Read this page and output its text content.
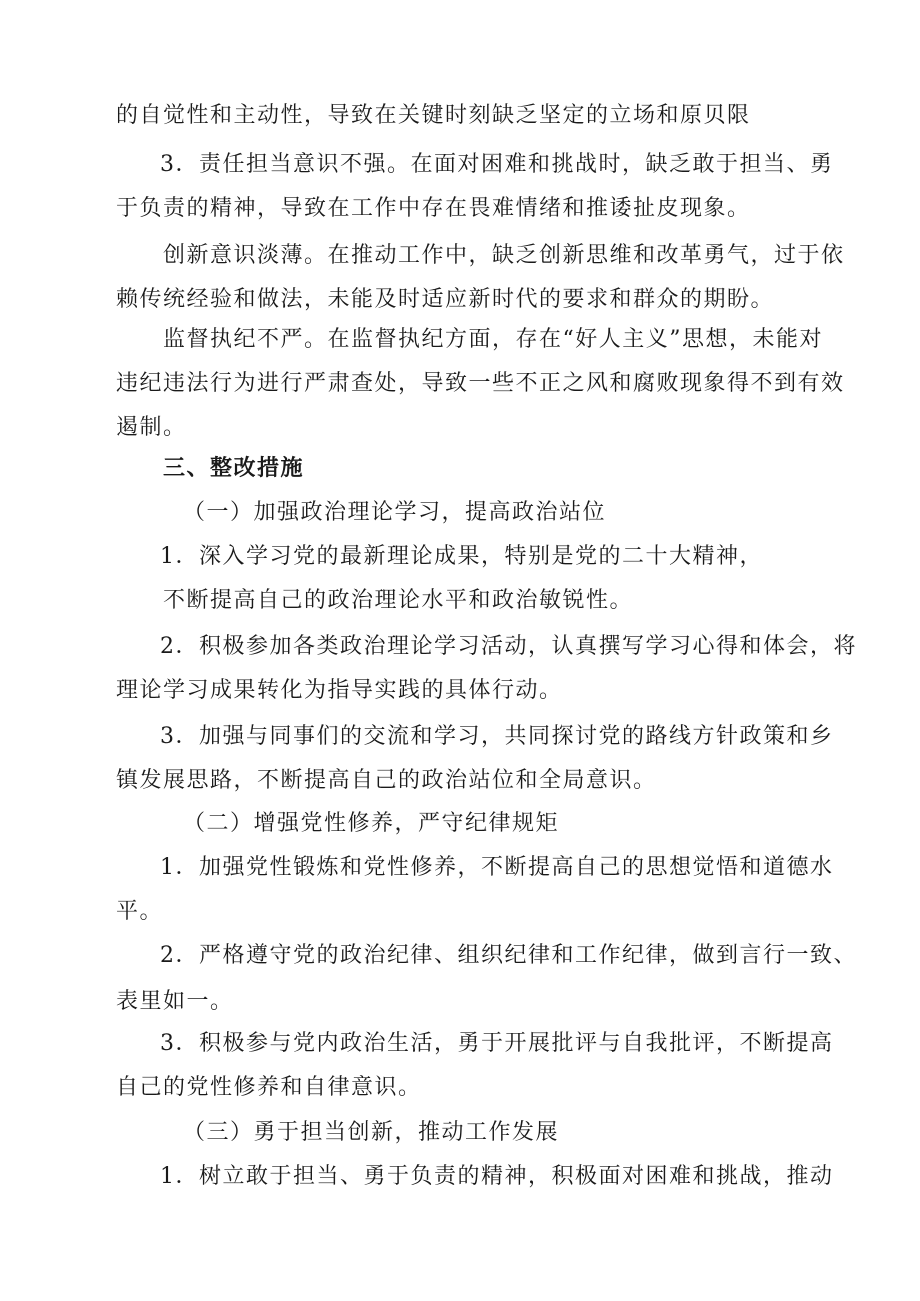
的自觉性和主动性，导致在关键时刻缺乏坚定的立场和原贝限

3．责任担当意识不强。在面对困难和挑战时，缺乏敢于担当、勇

于负责的精神，导致在工作中存在畏难情绪和推诿扯皮现象。

创新意识淡薄。在推动工作中，缺乏创新思维和改革勇气，过于依

赖传统经验和做法，未能及时适应新时代的要求和群众的期盼。

监督执纪不严。在监督执纪方面，存在“好人主义”思想，未能对

违纪违法行为进行严肃查处，导致一些不正之风和腐败现象得不到有效

遏制。

三、整改措施

（一）加强政治理论学习，提高政治站位

1．深入学习党的最新理论成果，特别是党的二十大精神，

不断提高自己的政治理论水平和政治敏锐性。

2．积极参加各类政治理论学习活动，认真撰写学习心得和体会，将

理论学习成果转化为指导实践的具体行动。

3．加强与同事们的交流和学习，共同探讨党的路线方针政策和乡

镇发展思路，不断提高自己的政治站位和全局意识。

（二）增强党性修养，严守纪律规矩

1．加强党性锻炼和党性修养，不断提高自己的思想觉悟和道德水

平。

2．严格遵守党的政治纪律、组织纪律和工作纪律，做到言行一致、

表里如一。

3．积极参与党内政治生活，勇于开展批评与自我批评，不断提高

自己的党性修养和自律意识。

（三）勇于担当创新，推动工作发展

1．树立敢于担当、勇于负责的精神，积极面对困难和挑战，推动
